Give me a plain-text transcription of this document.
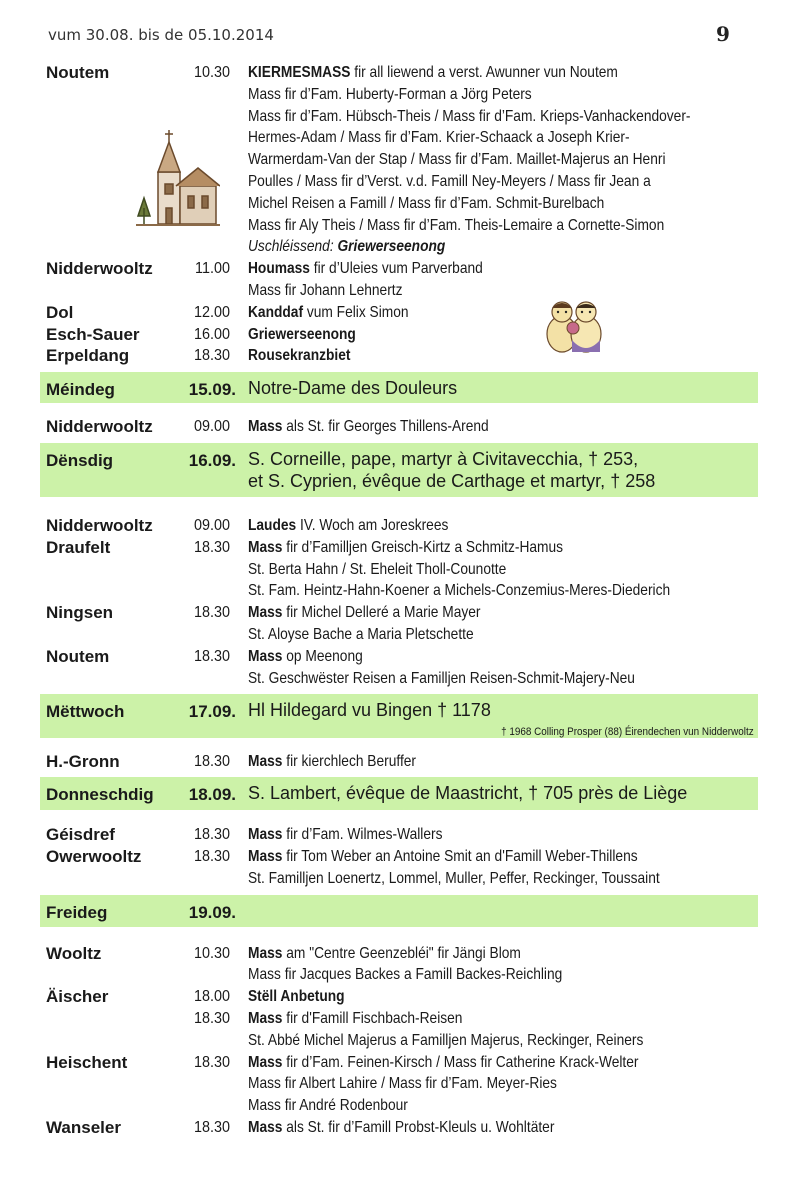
vum 30.08. bis de 05.10.2014	9
Noutem	10.30 KIERMESMASS fir all liewend a verst. Awunner vun Noutem
Mass fir d’Fam. Huberty-Forman a Jörg Peters
Mass fir d’Fam. Hübsch-Theis / Mass fir d’Fam. Krieps-Vanhackendover-
Hermes-Adam / Mass fir d’Fam. Krier-Schaack a Joseph Krier-
Warmerdam-Van der Stap / Mass fir d’Fam. Maillet-Majerus an Henri
Poulles / Mass fir d’Verst. v.d. Famill Ney-Meyers / Mass fir Jean a
Michel Reisen a Famill / Mass fir d’Fam. Schmit-Burelbach
Mass fir Aly Theis / Mass fir d’Fam. Theis-Lemaire a Cornette-Simon
Uschléissend: Griewerseenong
Nidderwooltz	11.00 Houmass fir d’Uleies vum Parverband
Mass fir Johann Lehnertz
Dol	12.00 Kanddaf vum Felix Simon
Esch-Sauer	16.00 Griewerseenong
Erpeldang	18.30 Rousekranzbiet
Méindeg	15.09. Notre-Dame des Douleurs
Nidderwooltz	09.00 Mass als St. fir Georges Thillens-Arend
Dënsdig	16.09. S. Corneille, pape, martyr à Civitavecchia, † 253,
et S. Cyprien, évêque de Carthage et martyr, † 258
Nidderwooltz	09.00 Laudes IV. Woch am Joreskrees
Draufelt	18.30 Mass fir d’Familljen Greisch-Kirtz a Schmitz-Hamus
St. Berta Hahn / St. Eheleit Tholl-Counotte
St. Fam. Heintz-Hahn-Koener a Michels-Conzemius-Meres-Diederich
Ningsen	18.30 Mass fir Michel Delleré a Marie Mayer
St. Aloyse Bache a Maria Pletschette
Noutem	18.30 Mass op Meenong
St. Geschwëster Reisen a Familljen Reisen-Schmit-Majery-Neu
Mëttwoch	17.09. Hl Hildegard vu Bingen † 1178
† 1968 Colling Prosper (88) Éirendechen vun Nidderwoltz
H.-Gronn	18.30 Mass fir kierchlech Beruffer
Donneschdig	18.09. S. Lambert, évêque de Maastricht, † 705 près de Liège
Géisdref	18.30 Mass fir d’Fam. Wilmes-Wallers
Owerwooltz	18.30 Mass fir Tom Weber an Antoine Smit an d'Famill Weber-Thillens
St. Familljen Loenertz, Lommel, Muller, Peffer, Reckinger, Toussaint
Freideg	19.09.
Wooltz	10.30 Mass am "Centre Geenzebléi" fir Jängi Blom
Mass fir Jacques Backes a Famill Backes-Reichling
Äischer	18.00 Stëll Anbetung
18.30 Mass fir d'Famill Fischbach-Reisen
St. Abbé Michel Majerus a Familljen Majerus, Reckinger, Reiners
Heischent	18.30 Mass fir d’Fam. Feinen-Kirsch / Mass fir Catherine Krack-Welter
Mass fir Albert Lahire / Mass fir d’Fam. Meyer-Ries
Mass fir André Rodenbour
Wanseler	18.30 Mass als St. fir d’Famill Probst-Kleuls u. Wohltäter
